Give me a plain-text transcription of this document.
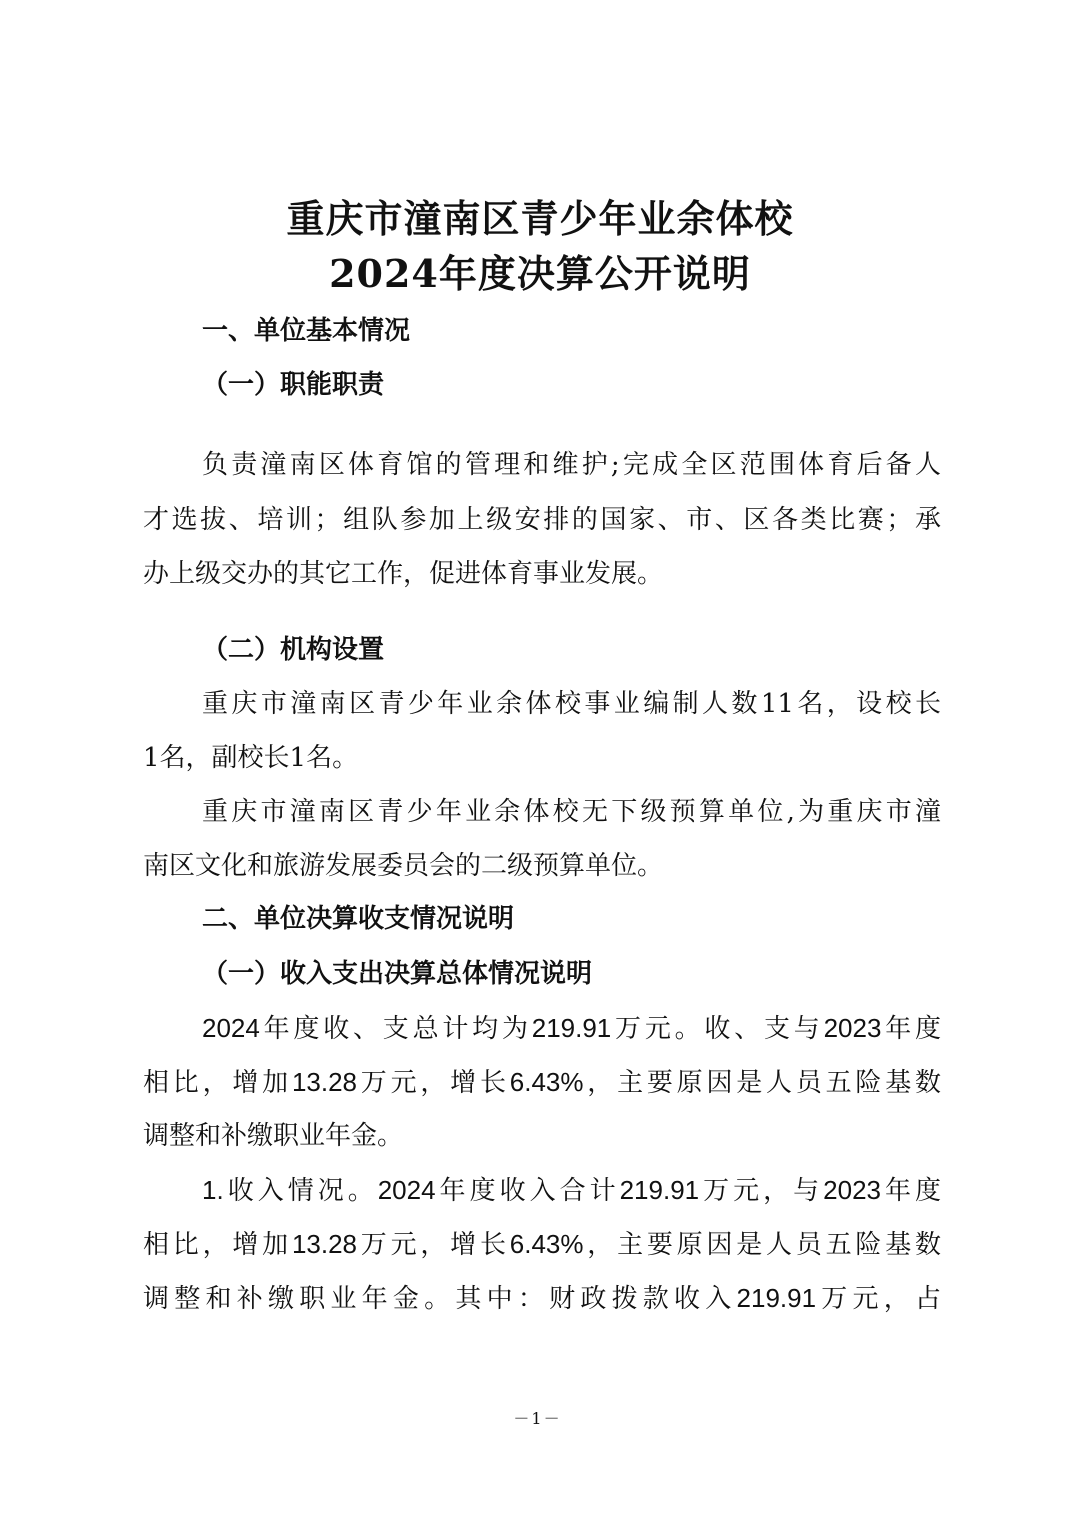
重庆市潼南区青少年业余体校
2024年度决算公开说明
一、单位基本情况
（一）职能职责
负责潼南区体育馆的管理和维护;完成全区范围体育后备人
才选拔、培训；组队参加上级安排的国家、市、区各类比赛；承
办上级交办的其它工作，促进体育事业发展。
（二）机构设置
重庆市潼南区青少年业余体校事业编制人数11名，设校长
1名，副校长1名。
重庆市潼南区青少年业余体校无下级预算单位,为重庆市潼
南区文化和旅游发展委员会的二级预算单位。
二、单位决算收支情况说明
（一）收入支出决算总体情况说明
2024年度收、支总计均为219.91万元。收、支与2023年度
相比，增加13.28万元，增长6.43%，主要原因是人员五险基数
调整和补缴职业年金。
1.收入情况。2024年度收入合计219.91万元，与2023年度
相比，增加13.28万元，增长6.43%，主要原因是人员五险基数
调整和补缴职业年金。其中：财政拨款收入219.91万元，占
－1－
